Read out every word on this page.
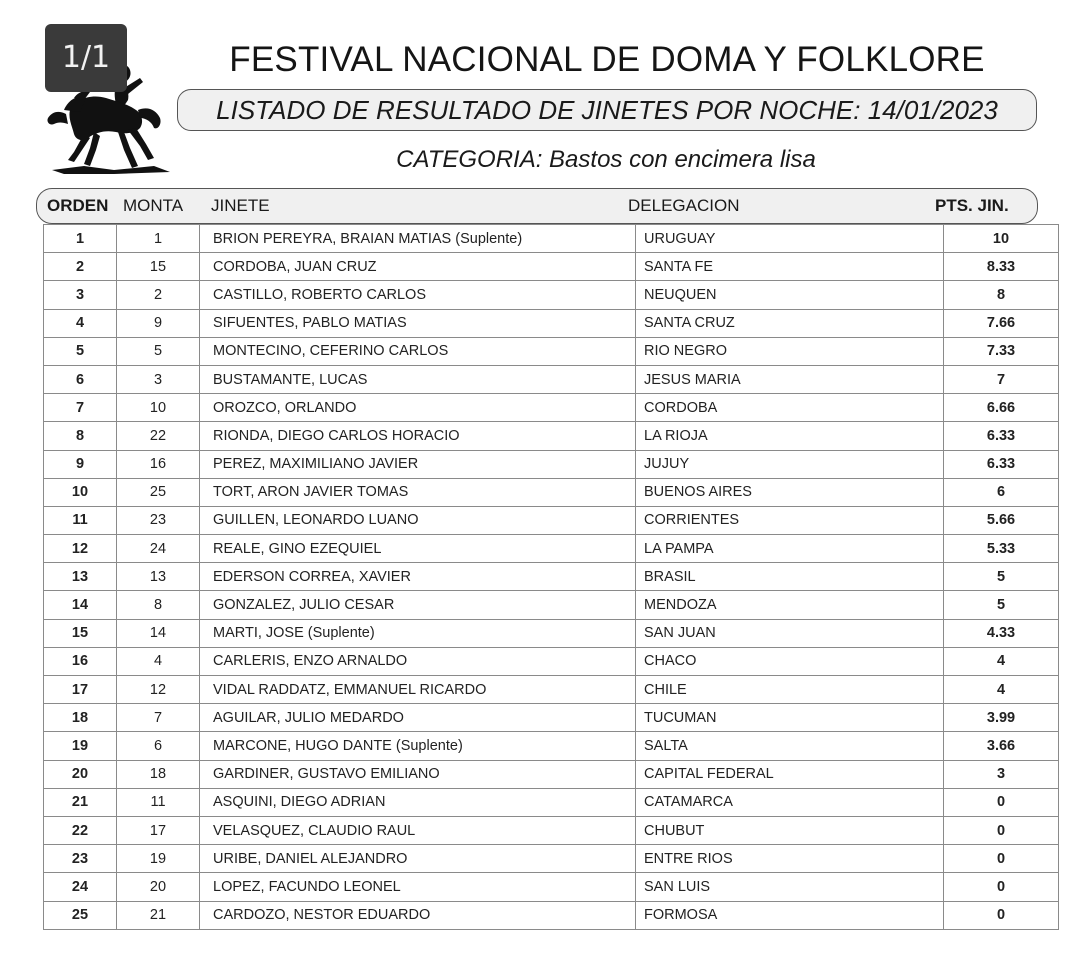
1/1	FESTIVAL NACIONAL DE DOMA Y FOLKLORE
LISTADO DE RESULTADO DE JINETES POR NOCHE: 14/01/2023
CATEGORIA: Bastos con encimera lisa
ORDEN MONTA JINETE	DELEGACION	PTS. JIN.
1	1	BRION PEREYRA, BRAIAN MATIAS (Suplente)	URUGUAY	10
2	15	CORDOBA, JUAN CRUZ	SANTA FE	8.33
3	2	CASTILLO, ROBERTO CARLOS	NEUQUEN	8
4	9	SIFUENTES, PABLO MATIAS	SANTA CRUZ	7.66
5	5	MONTECINO, CEFERINO CARLOS	RIO NEGRO	7.33
6	3	BUSTAMANTE, LUCAS	JESUS MARIA	7
7	10	OROZCO, ORLANDO	CORDOBA	6.66
8	22	RIONDA, DIEGO CARLOS HORACIO	LA RIOJA	6.33
9	16	PEREZ, MAXIMILIANO JAVIER	JUJUY	6.33
10	25	TORT, ARON JAVIER TOMAS	BUENOS AIRES	6
11	23	GUILLEN, LEONARDO LUANO	CORRIENTES	5.66
12	24	REALE, GINO EZEQUIEL	LA PAMPA	5.33
13	13	EDERSON CORREA, XAVIER	BRASIL	5
14	8	GONZALEZ, JULIO CESAR	MENDOZA	5
15	14	MARTI, JOSE (Suplente)	SAN JUAN	4.33
16	4	CARLERIS, ENZO ARNALDO	CHACO	4
17	12	VIDAL RADDATZ, EMMANUEL RICARDO	CHILE	4
18	7	AGUILAR, JULIO MEDARDO	TUCUMAN	3.99
19	6	MARCONE, HUGO DANTE (Suplente)	SALTA	3.66
20	18	GARDINER, GUSTAVO EMILIANO	CAPITAL FEDERAL	3
21	11	ASQUINI, DIEGO ADRIAN	CATAMARCA	0
22	17	VELASQUEZ, CLAUDIO RAUL	CHUBUT	0
23	19	URIBE, DANIEL ALEJANDRO	ENTRE RIOS	0
24	20	LOPEZ, FACUNDO LEONEL	SAN LUIS	0
25	21	CARDOZO, NESTOR EDUARDO	FORMOSA	0
